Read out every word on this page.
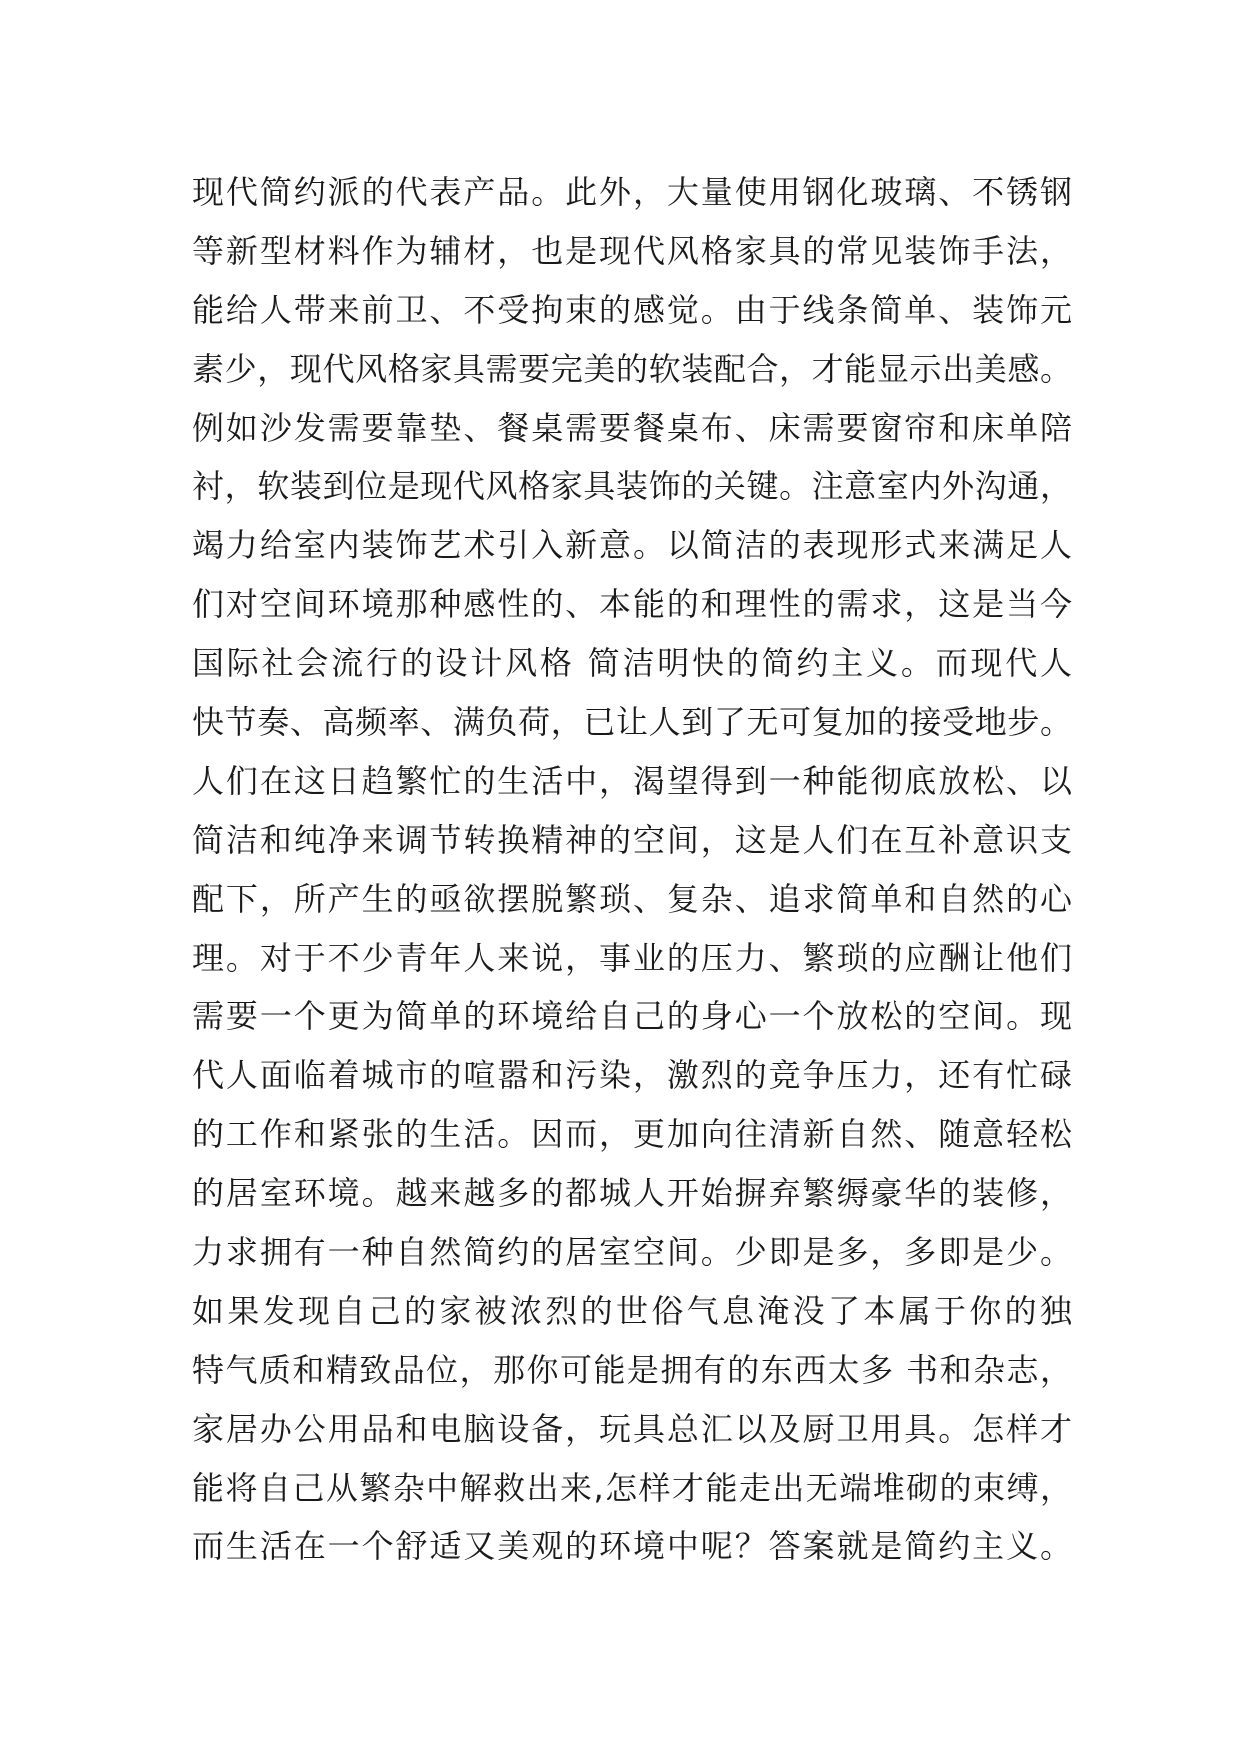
现代简约派的代表产品。此外，大量使用钢化玻璃、不锈钢
等新型材料作为辅材，也是现代风格家具的常见装饰手法，
能给人带来前卫、不受拘束的感觉。由于线条简单、装饰元
素少，现代风格家具需要完美的软装配合，才能显示出美感。
例如沙发需要靠垫、餐桌需要餐桌布、床需要窗帘和床单陪
衬，软装到位是现代风格家具装饰的关键。注意室内外沟通，
竭力给室内装饰艺术引入新意。以简洁的表现形式来满足人
们对空间环境那种感性的、本能的和理性的需求，这是当今
国际社会流行的设计风格 简洁明快的简约主义。而现代人
快节奏、高频率、满负荷，已让人到了无可复加的接受地步。
人们在这日趋繁忙的生活中，渴望得到一种能彻底放松、以
简洁和纯净来调节转换精神的空间，这是人们在互补意识支
配下，所产生的亟欲摆脱繁琐、复杂、追求简单和自然的心
理。对于不少青年人来说，事业的压力、繁琐的应酬让他们
需要一个更为简单的环境给自己的身心一个放松的空间。现
代人面临着城市的喧嚣和污染，激烈的竞争压力，还有忙碌
的工作和紧张的生活。因而，更加向往清新自然、随意轻松
的居室环境。越来越多的都城人开始摒弃繁缛豪华的装修，
力求拥有一种自然简约的居室空间。少即是多，多即是少。
如果发现自己的家被浓烈的世俗气息淹没了本属于你的独
特气质和精致品位，那你可能是拥有的东西太多 书和杂志，
家居办公用品和电脑设备，玩具总汇以及厨卫用具。怎样才
能将自己从繁杂中解救出来,怎样才能走出无端堆砌的束缚，
而生活在一个舒适又美观的环境中呢？答案就是简约主义。
